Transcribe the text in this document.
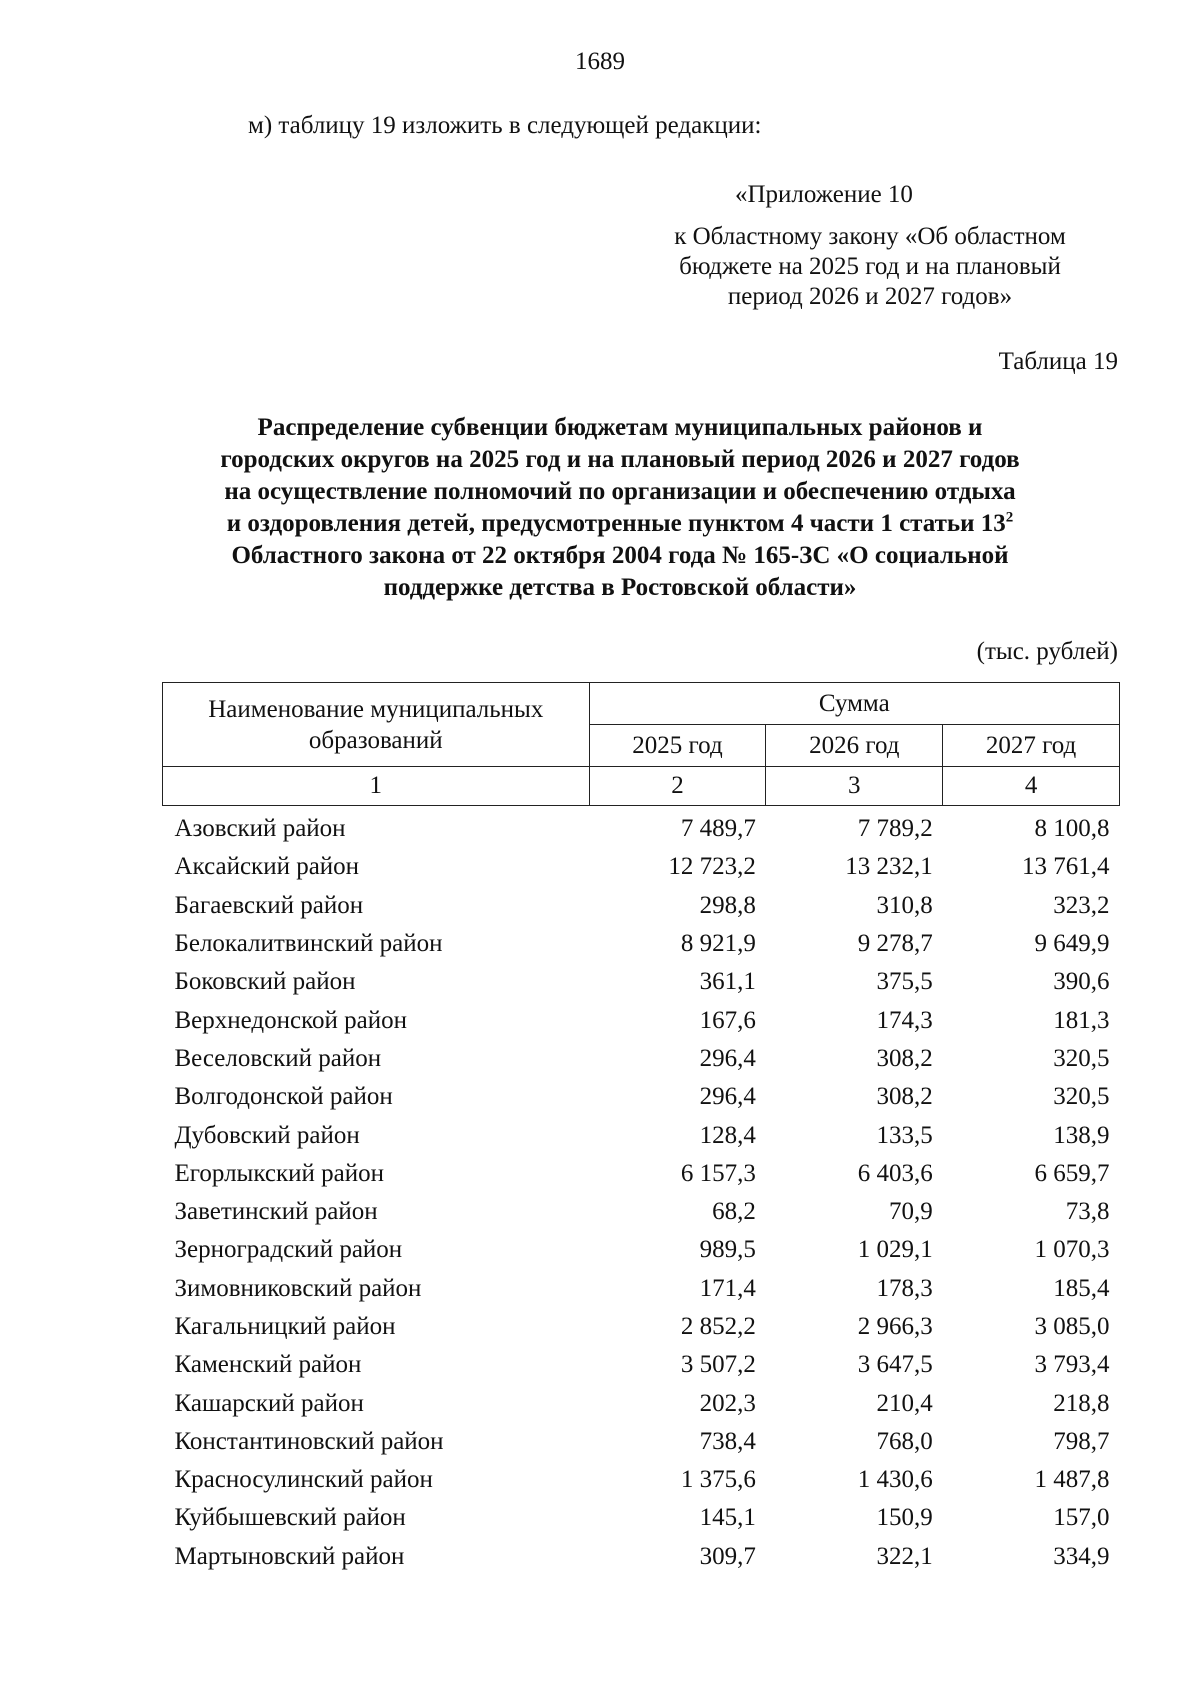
1689
м) таблицу 19 изложить в следующей редакции:
«Приложение 10
к Областному закону «Об областном
бюджете на 2025 год и на плановый
период 2026 и 2027 годов»
Таблица 19
Распределение субвенции бюджетам муниципальных районов и
городских округов на 2025 год и на плановый период 2026 и 2027 годов
на осуществление полномочий по организации и обеспечению отдыха
и оздоровления детей, предусмотренные пунктом 4 части 1 статьи $13^2$
Областного закона от 22 октября 2004 года № 165-ЗС «О социальной
поддержке детства в Ростовской области»
(тыс. рублей)
Наименование муниципальных образований	Сумма		
	2025 год	2026 год	2027 год
1	2	3	4
Азовский район	7 489,7	7 789,2	8 100,8
Аксайский район	12 723,2	13 232,1	13 761,4
Багаевский район	298,8	310,8	323,2
Белокалитвинский район	8 921,9	9 278,7	9 649,9
Боковский район	361,1	375,5	390,6
Верхнедонской район	167,6	174,3	181,3
Веселовский район	296,4	308,2	320,5
Волгодонской район	296,4	308,2	320,5
Дубовский район	128,4	133,5	138,9
Егорлыкский район	6 157,3	6 403,6	6 659,7
Заветинский район	68,2	70,9	73,8
Зерноградский район	989,5	1 029,1	1 070,3
Зимовниковский район	171,4	178,3	185,4
Кагальницкий район	2 852,2	2 966,3	3 085,0
Каменский район	3 507,2	3 647,5	3 793,4
Кашарский район	202,3	210,4	218,8
Константиновский район	738,4	768,0	798,7
Красносулинский район	1 375,6	1 430,6	1 487,8
Куйбышевский район	145,1	150,9	157,0
Мартыновский район	309,7	322,1	334,9
